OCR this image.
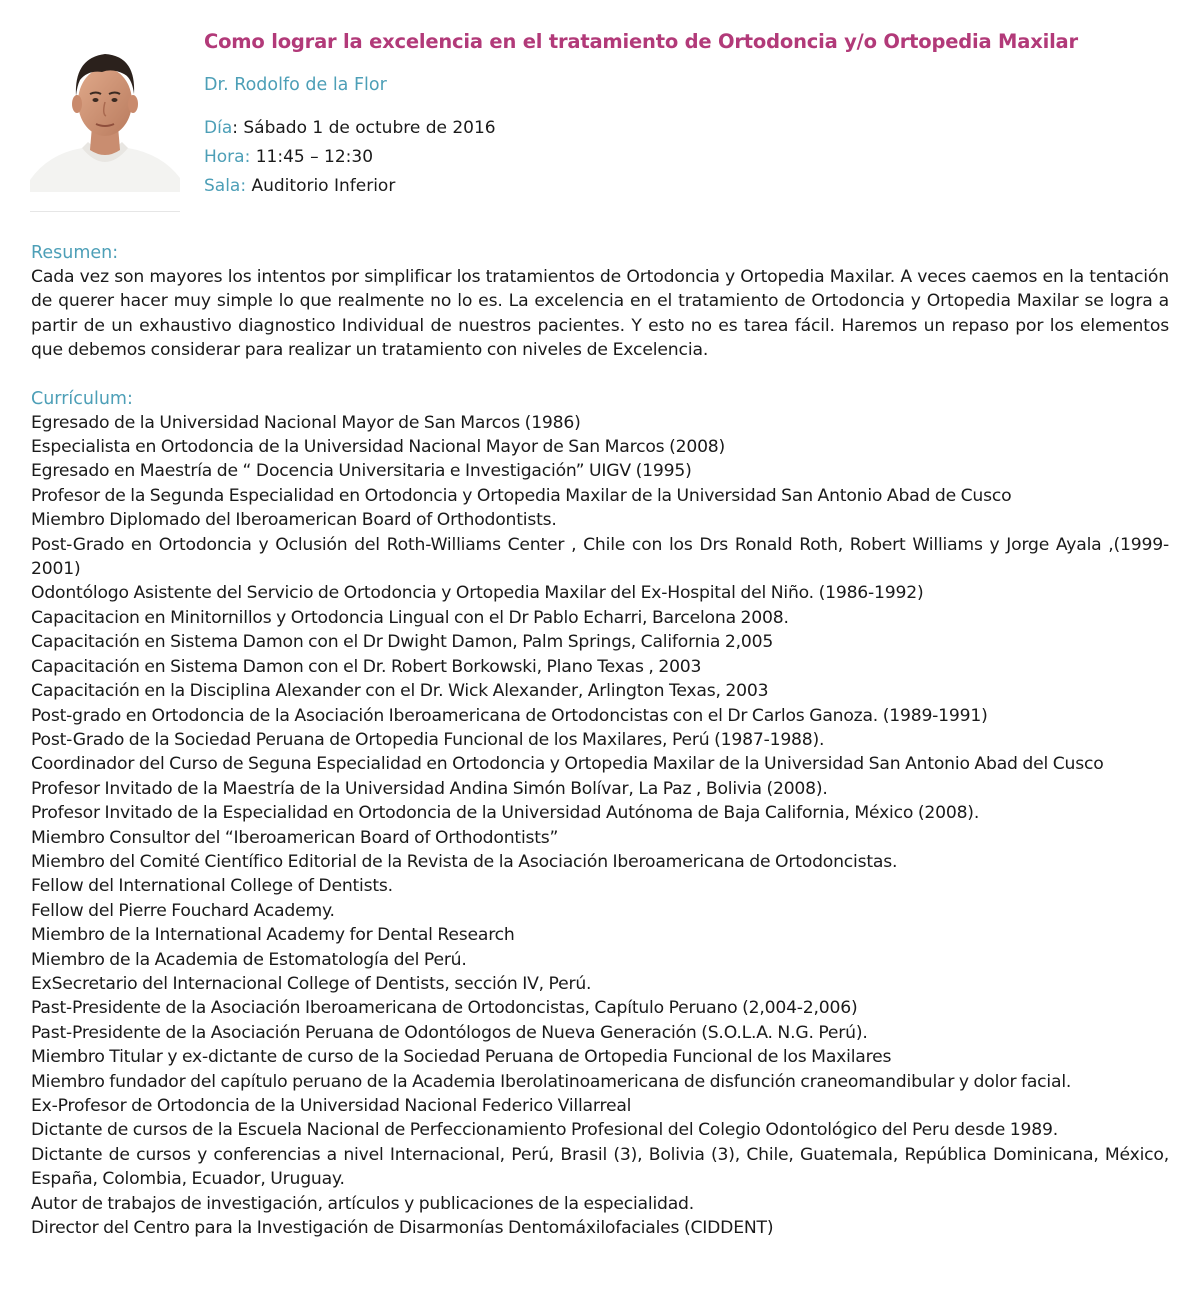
Como lograr la excelencia en el tratamiento de Ortodoncia y/o Ortopedia Maxilar
Dr. Rodolfo de la Flor
Día: Sábado 1 de octubre de 2016
Hora: 11:45 – 12:30
Sala: Auditorio Inferior
Resumen:

Cada vez son mayores los intentos por simplificar los tratamientos de Ortodoncia y Ortopedia Maxilar. A veces caemos en la tentación de querer hacer muy simple lo que realmente no lo es. La excelencia en el tratamiento de Ortodoncia y Ortopedia Maxilar se logra a partir de un exhaustivo diagnostico Individual de nuestros pacientes. Y esto no es tarea fácil. Haremos un repaso por los elementos que debemos considerar para realizar un tratamiento con niveles de Excelencia.

Currículum:
Egresado de la Universidad Nacional Mayor de San Marcos (1986)
Especialista en Ortodoncia de la Universidad Nacional Mayor de San Marcos (2008)
Egresado en Maestría de “ Docencia Universitaria e Investigación” UIGV (1995)
Profesor de la Segunda Especialidad en Ortodoncia y Ortopedia Maxilar de la Universidad San Antonio Abad de Cusco
Miembro Diplomado del Iberoamerican Board of Orthodontists.
Post-Grado en Ortodoncia y Oclusión del Roth-Williams Center , Chile con los Drs Ronald Roth, Robert Williams y Jorge Ayala ,(1999-2001)
Odontólogo Asistente del Servicio de Ortodoncia y Ortopedia Maxilar del Ex-Hospital del Niño. (1986-1992)
Capacitacion en Minitornillos y Ortodoncia Lingual con el Dr Pablo Echarri, Barcelona 2008.
Capacitación en Sistema Damon con el Dr Dwight Damon, Palm Springs, California 2,005
Capacitación en Sistema Damon con el Dr. Robert Borkowski, Plano Texas , 2003
Capacitación en la Disciplina Alexander con el Dr. Wick Alexander, Arlington Texas, 2003
Post-grado en Ortodoncia de la Asociación Iberoamericana de Ortodoncistas con el Dr Carlos Ganoza. (1989-1991)
Post-Grado de la Sociedad Peruana de Ortopedia Funcional de los Maxilares, Perú (1987-1988).
Coordinador del Curso de Seguna Especialidad en Ortodoncia y Ortopedia Maxilar de la Universidad San Antonio Abad del Cusco
Profesor Invitado de la Maestría de la Universidad Andina Simón Bolívar, La Paz , Bolivia (2008).
Profesor Invitado de la Especialidad en Ortodoncia de la Universidad Autónoma de Baja California, México (2008).
Miembro Consultor del “Iberoamerican Board of Orthodontists”
Miembro del Comité Científico Editorial de la Revista de la Asociación Iberoamericana de Ortodoncistas.
Fellow del International College of Dentists.
Fellow del Pierre Fouchard Academy.
Miembro de la International Academy for Dental Research
Miembro de la Academia de Estomatología del Perú.
ExSecretario del Internacional College of Dentists, sección IV, Perú.
Past-Presidente de la Asociación Iberoamericana de Ortodoncistas, Capítulo Peruano (2,004-2,006)
Past-Presidente de la Asociación Peruana de Odontólogos de Nueva Generación (S.O.L.A. N.G. Perú).
Miembro Titular y ex-dictante de curso de la Sociedad Peruana de Ortopedia Funcional de los Maxilares
Miembro fundador del capítulo peruano de la Academia Iberolatinoamericana de disfunción craneomandibular y dolor facial.
Ex-Profesor de Ortodoncia de la Universidad Nacional Federico Villarreal
Dictante de cursos de la Escuela Nacional de Perfeccionamiento Profesional del Colegio Odontológico del Peru desde 1989.
Dictante de cursos y conferencias a nivel Internacional, Perú, Brasil (3), Bolivia (3), Chile, Guatemala, República Dominicana, México, España, Colombia, Ecuador, Uruguay.
Autor de trabajos de investigación, artículos y publicaciones de la especialidad.
Director del Centro para la Investigación de Disarmonías Dentomáxilofaciales (CIDDENT)
